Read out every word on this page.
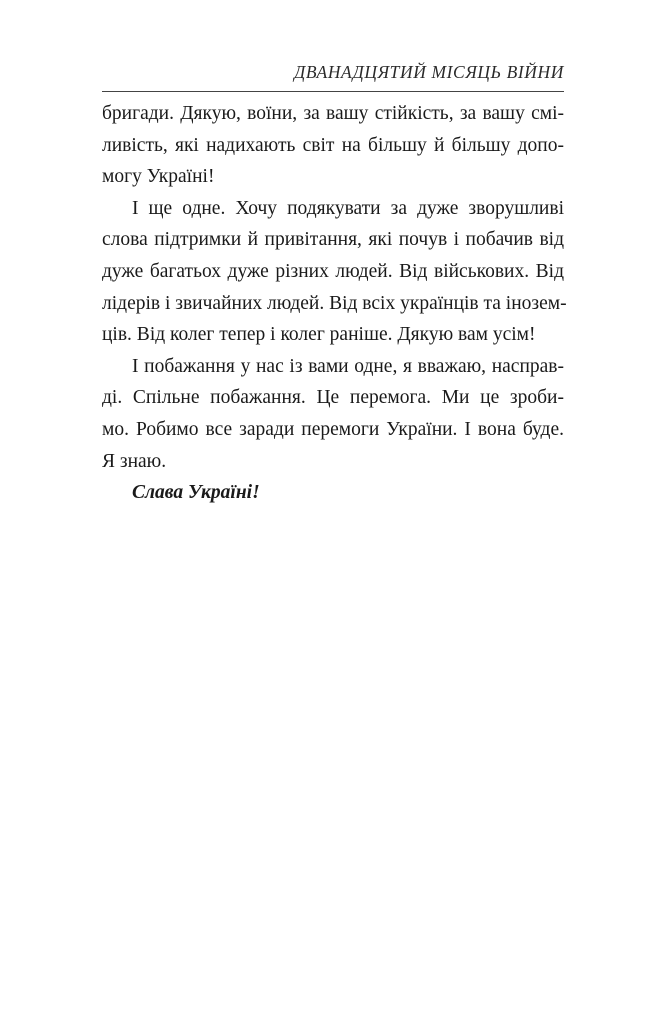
ДВАНАДЦЯТИЙ МІСЯЦЬ ВІЙНИ
бригади. Дякую, воїни, за вашу стійкість, за вашу смі-
ливість, які надихають світ на більшу й більшу допо-
могу Україні!
І ще одне. Хочу подякувати за дуже зворушливі
слова підтримки й привітання, які почув і побачив від
дуже багатьох дуже різних людей. Від військових. Від
лідерів і звичайних людей. Від всіх українців та інозем-
ців. Від колег тепер і колег раніше. Дякую вам усім!
І побажання у нас із вами одне, я вважаю, насправ-
ді. Спільне побажання. Це перемога. Ми це зроби-
мо. Робимо все заради перемоги України. І вона буде.
Я знаю.
Слава Україні!
